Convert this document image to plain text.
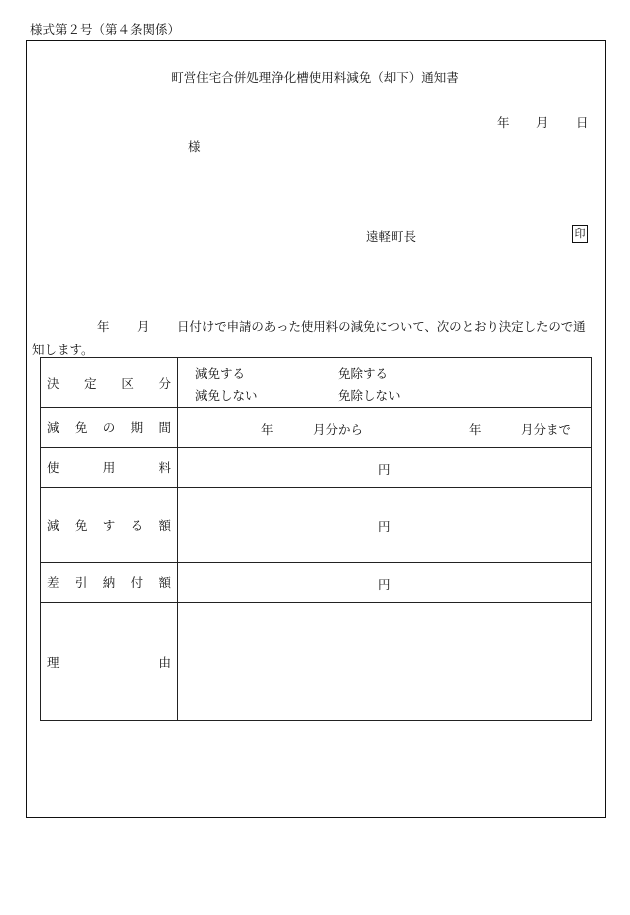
様式第２号（第４条関係）
町営住宅合併処理浄化槽使用料減免（却下）通知書
年 月 日
様
遠軽町長	印
年 月 日付けで申請のあった使用料の減免について、次のとおり決定したので通
知します。
決定区分
減免する	免除する
減免しない	免除しない
減免の期間	年	月分から	年	月分まで
使用料	円
減免する額	円
差引納付額	円
理由
